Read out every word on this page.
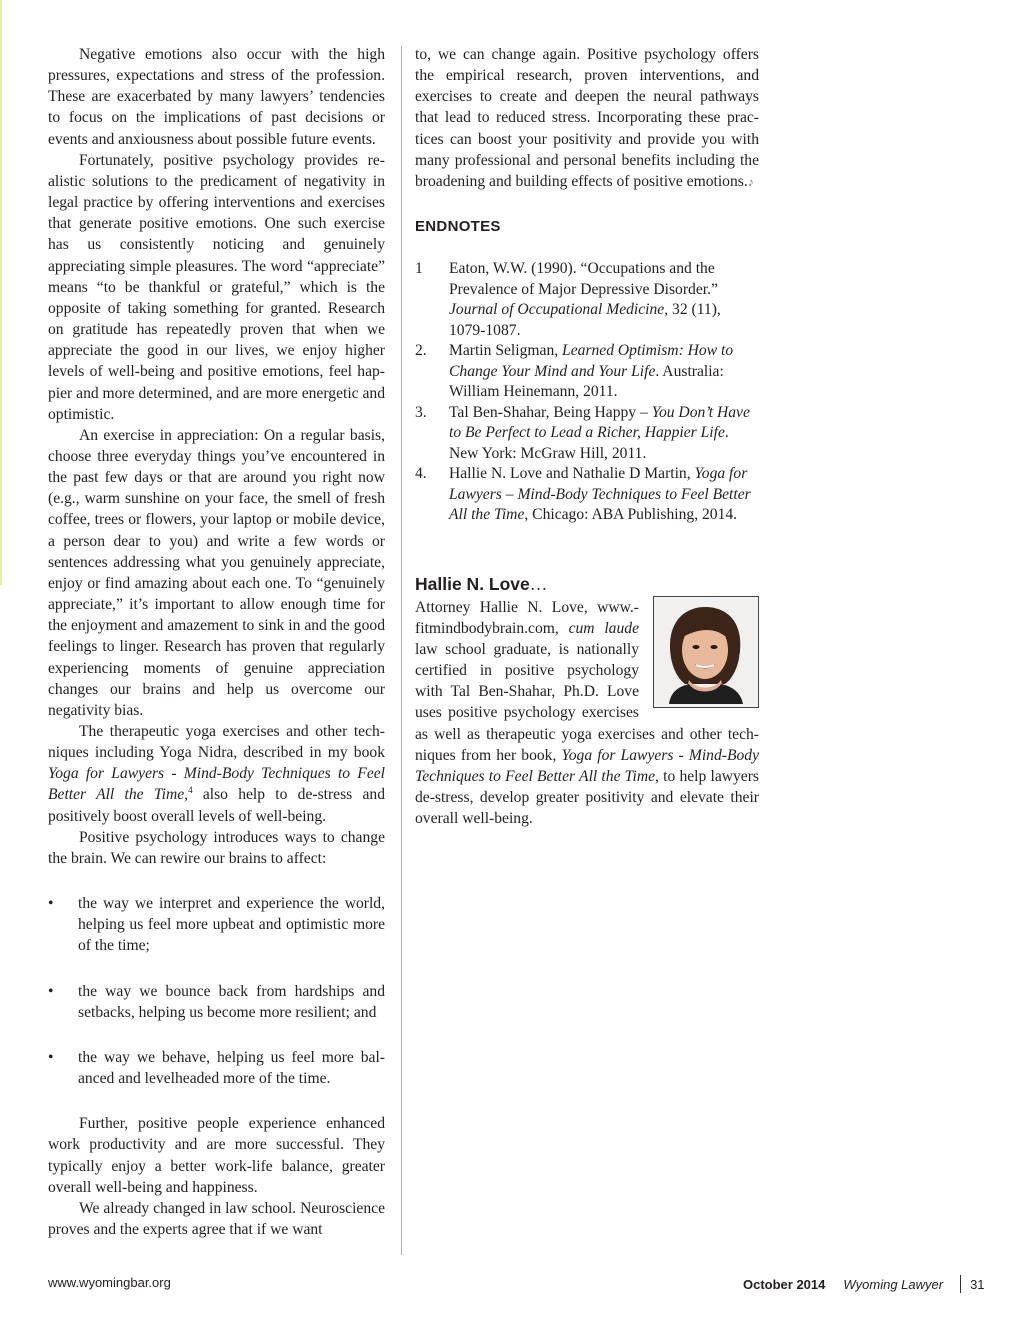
Negative emotions also occur with the high pressures, expectations and stress of the profession. These are exacerbated by many lawyers’ tendencies to focus on the implications of past decisions or events and anxiousness about possible future events.

Fortunately, positive psychology provides realistic solutions to the predicament of negativity in legal practice by offering interventions and exercises that generate positive emotions. One such exercise has us consistently noticing and genuinely appreciating simple pleasures. The word “appreciate” means “to be thankful or grateful,” which is the opposite of taking something for granted. Research on gratitude has repeatedly proven that when we appreciate the good in our lives, we enjoy higher levels of well-being and positive emotions, feel happier and more determined, and are more energetic and optimistic.

An exercise in appreciation: On a regular basis, choose three everyday things you’ve encountered in the past few days or that are around you right now (e.g., warm sunshine on your face, the smell of fresh coffee, trees or flowers, your laptop or mobile device, a person dear to you) and write a few words or sentences addressing what you genuinely appreciate, enjoy or find amazing about each one. To “genuinely appreciate,” it’s important to allow enough time for the enjoyment and amazement to sink in and the good feelings to linger. Research has proven that regularly experiencing moments of genuine appreciation changes our brains and help us overcome our negativity bias.

The therapeutic yoga exercises and other techniques including Yoga Nidra, described in my book Yoga for Lawyers - Mind-Body Techniques to Feel Better All the Time,$^4$ also help to de-stress and positively boost overall levels of well-being.

Positive psychology introduces ways to change the brain. We can rewire our brains to affect:

• the way we interpret and experience the world, helping us feel more upbeat and optimistic more of the time;
• the way we bounce back from hardships and setbacks, helping us become more resilient; and
• the way we behave, helping us feel more balanced and levelheaded more of the time.

Further, positive people experience enhanced work productivity and are more successful. They typically enjoy a better work-life balance, greater overall well-being and happiness.

We already changed in law school. Neuroscience proves and the experts agree that if we want

to, we can change again. Positive psychology offers the empirical research, proven interventions, and exercises to create and deepen the neural pathways that lead to reduced stress. Incorporating these practices can boost your positivity and provide you with many professional and personal benefits including the broadening and building effects of positive emotions.♪

ENDNOTES
1 Eaton, W.W. (1990). “Occupations and the Prevalence of Major Depressive Disorder.” Journal of Occupational Medicine, 32 (11), 1079-1087.
2. Martin Seligman, Learned Optimism: How to Change Your Mind and Your Life. Australia: William Heinemann, 2011.
3. Tal Ben-Shahar, Being Happy – You Don’t Have to Be Perfect to Lead a Richer, Happier Life. New York: McGraw Hill, 2011.
4. Hallie N. Love and Nathalie D Martin, Yoga for Lawyers – Mind-Body Techniques to Feel Better All the Time, Chicago: ABA Publishing, 2014.
Hallie N. Love…

Attorney Hallie N. Love, www.fitmindbodybrain.com, cum laude law school graduate, is nationally certified in positive psychology with Tal Ben-Shahar, Ph.D. Love uses positive psychology exercises as well as therapeutic yoga exercises and other techniques from her book, Yoga for Lawyers - Mind-Body Techniques to Feel Better All the Time, to help lawyers de-stress, develop greater positivity and elevate their overall well-being.

www.wyomingbar.org	October 2014 Wyoming Lawyer 31
